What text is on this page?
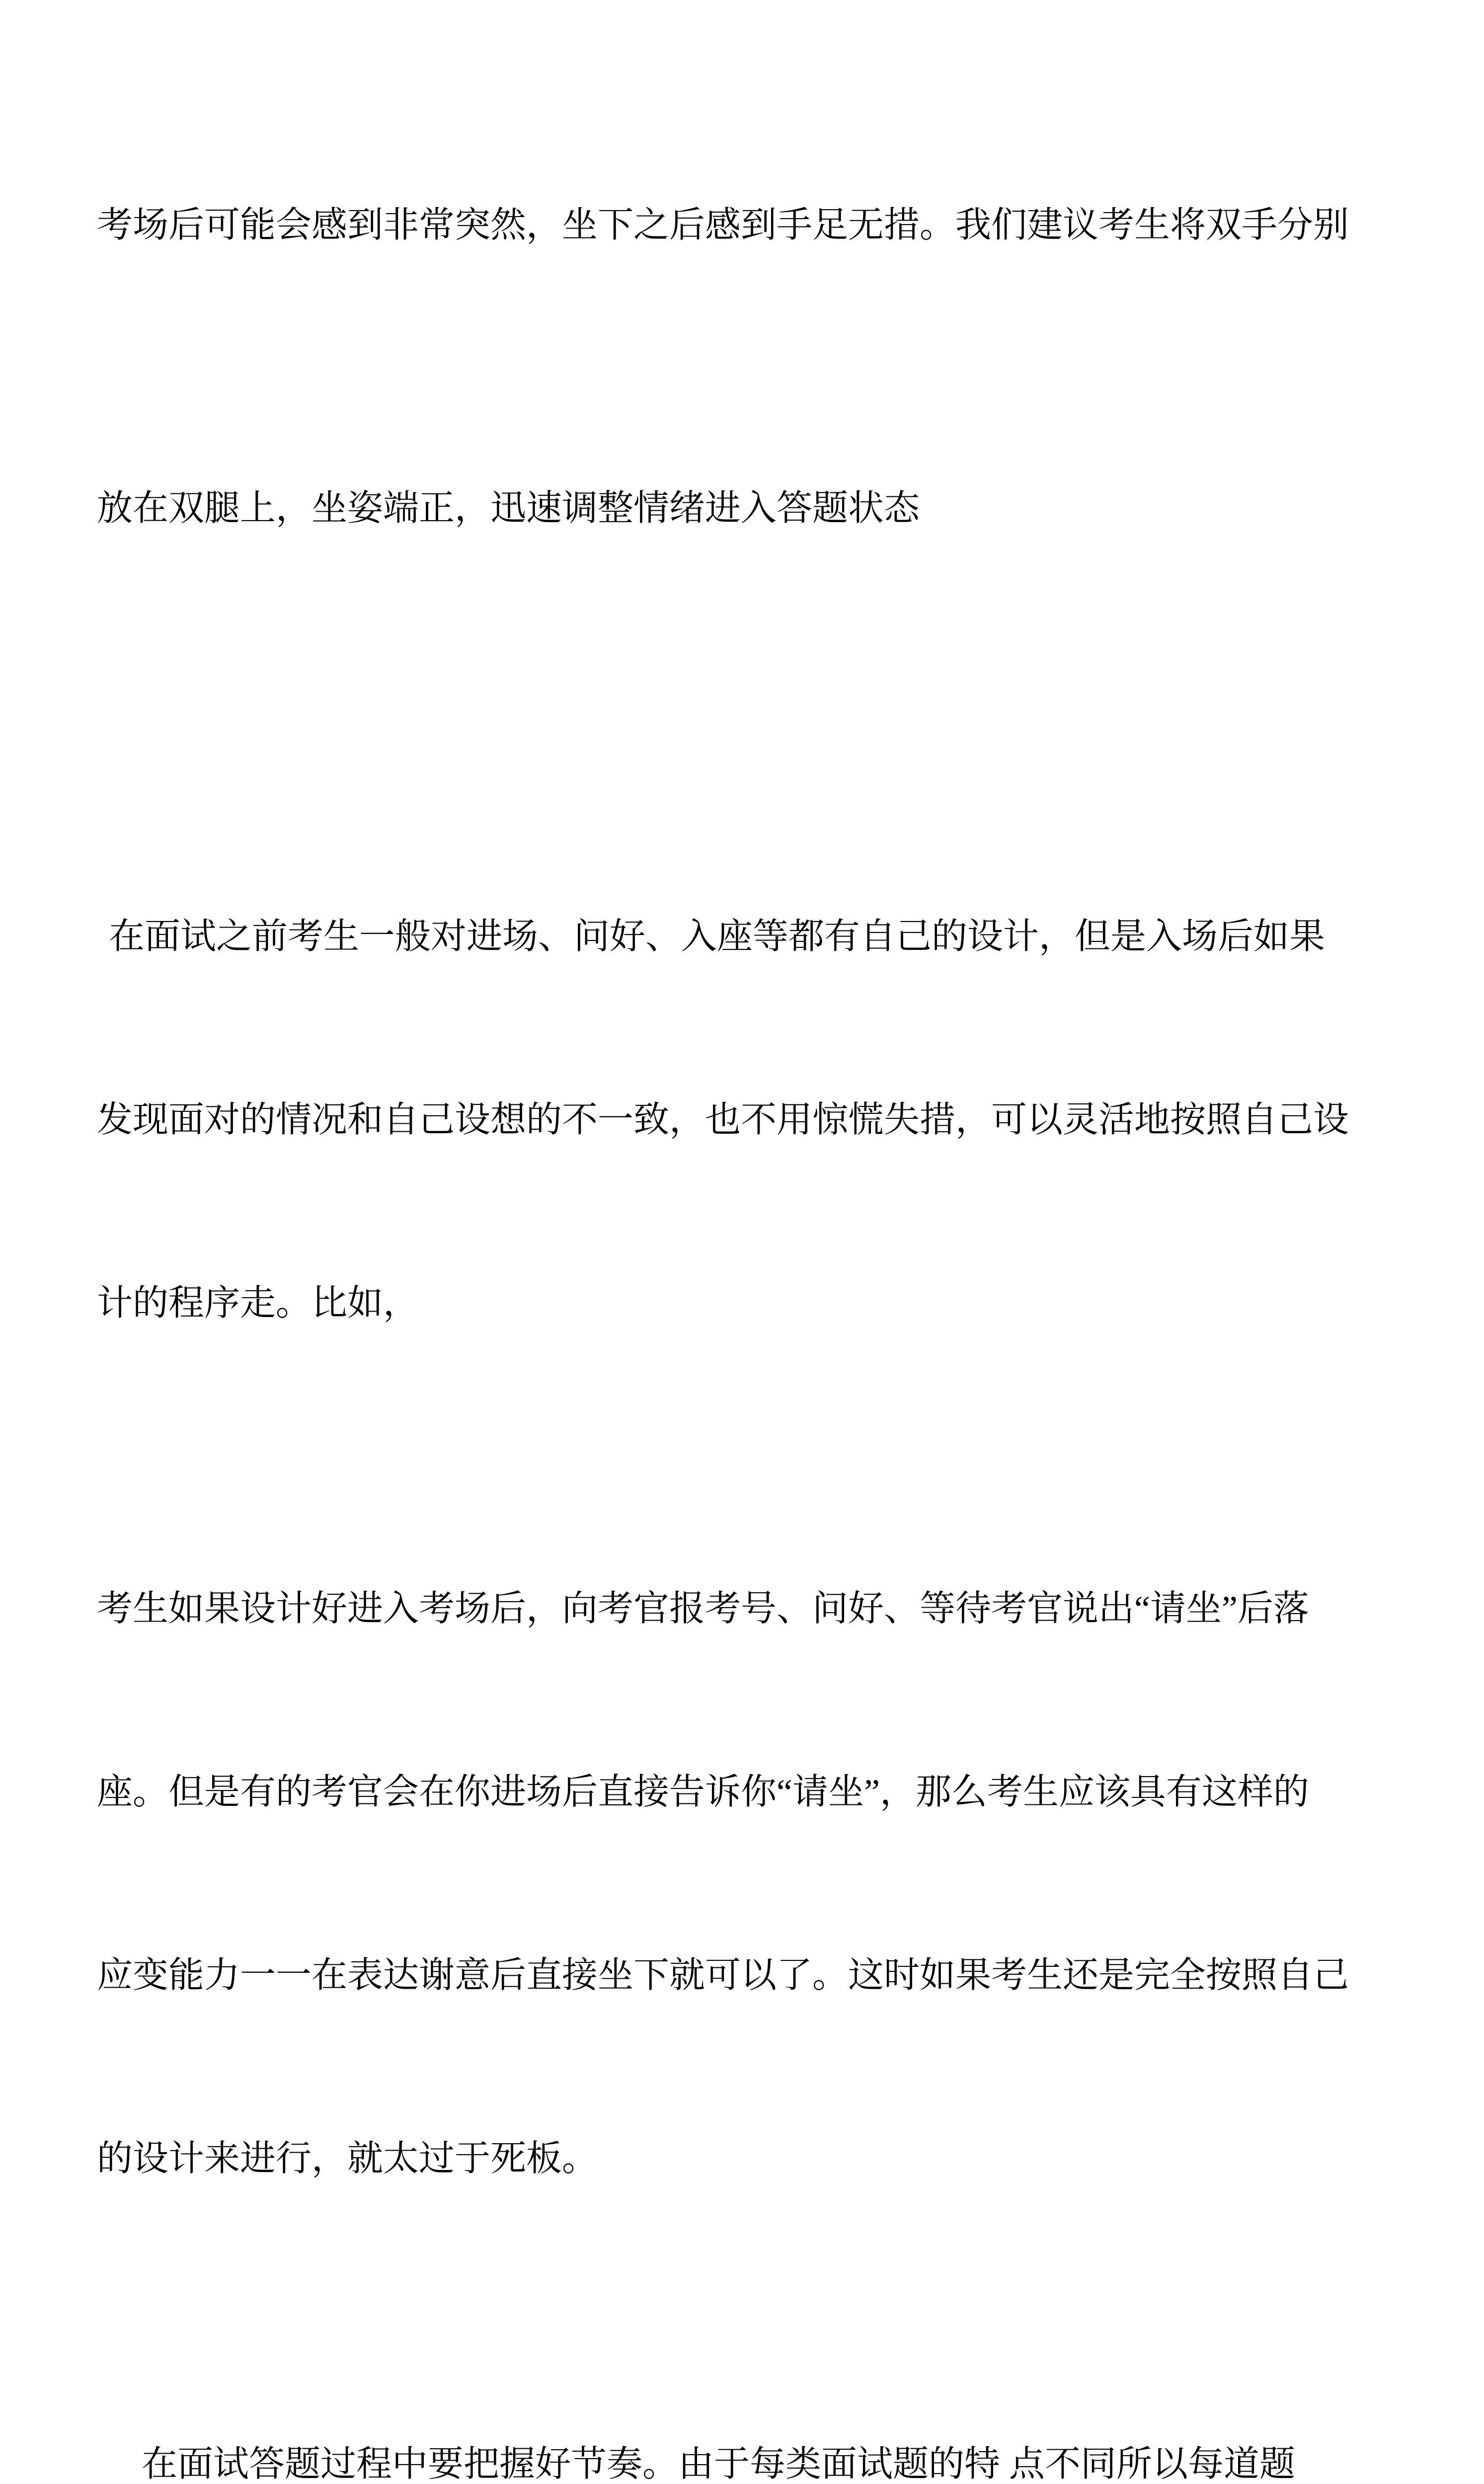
考场后可能会感到非常突然，坐下之后感到手足无措。我们建议考生将双手分别

放在双腿上，坐姿端正，迅速调整情绪进入答题状态

在面试之前考生一般对进场、问好、入座等都有自己的设计，但是入场后如果

发现面对的情况和自己设想的不一致，也不用惊慌失措，可以灵活地按照自己设

计的程序走。比如，

考生如果设计好进入考场后，向考官报考号、问好、等待考官说出“请坐”后落

座。但是有的考官会在你进场后直接告诉你“请坐”，那么考生应该具有这样的

应变能力一一在表达谢意后直接坐下就可以了。这时如果考生还是完全按照自己

的设计来进行，就太过于死板。

在面试答题过程中要把握好节奏。由于每类面试题的特 点不同所以每道题
